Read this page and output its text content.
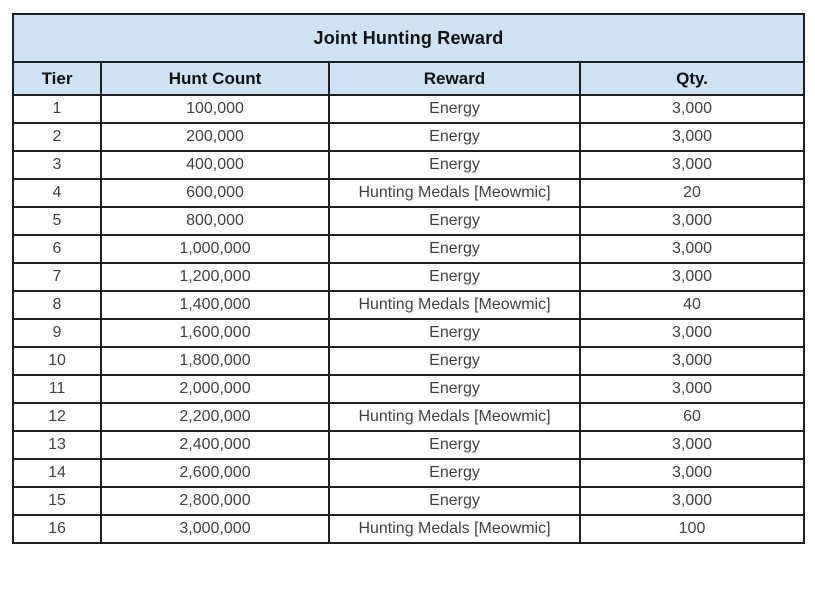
Joint Hunting Reward			
Tier	Hunt Count	Reward	Qty.
1	100,000	Energy	3,000
2	200,000	Energy	3,000
3	400,000	Energy	3,000
4	600,000	Hunting Medals [Meowmic]	20
5	800,000	Energy	3,000
6	1,000,000	Energy	3,000
7	1,200,000	Energy	3,000
8	1,400,000	Hunting Medals [Meowmic]	40
9	1,600,000	Energy	3,000
10	1,800,000	Energy	3,000
11	2,000,000	Energy	3,000
12	2,200,000	Hunting Medals [Meowmic]	60
13	2,400,000	Energy	3,000
14	2,600,000	Energy	3,000
15	2,800,000	Energy	3,000
16	3,000,000	Hunting Medals [Meowmic]	100
